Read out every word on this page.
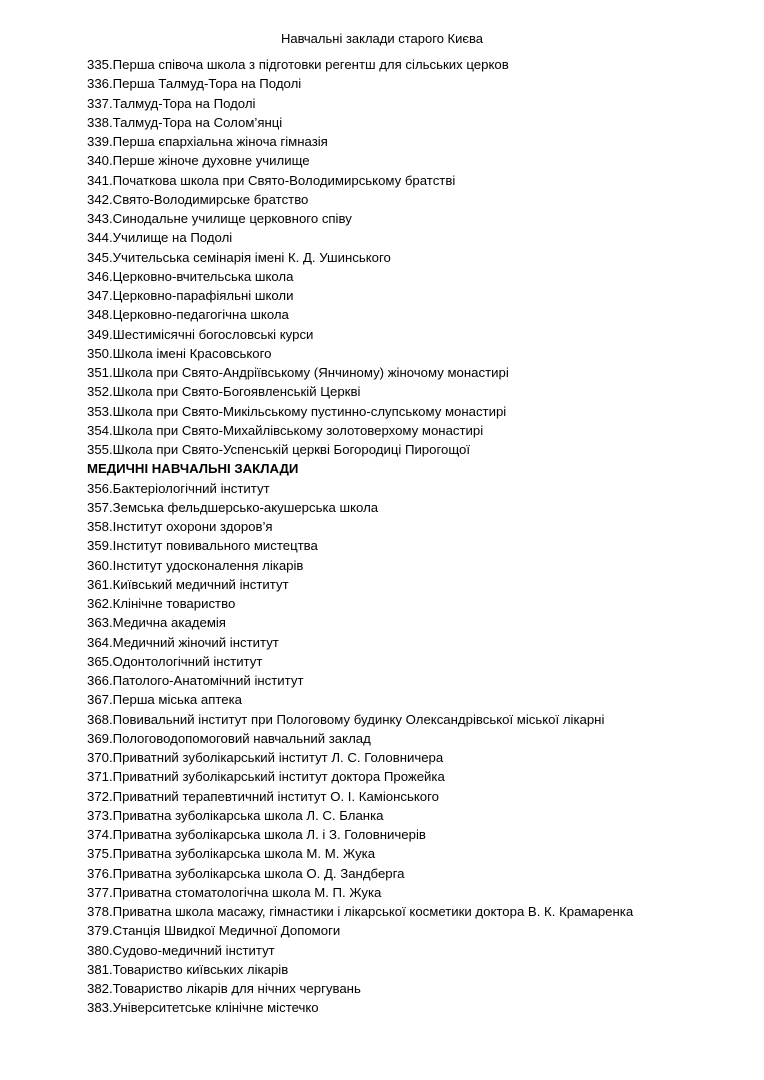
Навчальні заклади старого Києва
335.Перша співоча школа з підготовки регентш для сільських церков
336.Перша Талмуд-Тора на Подолі
337.Талмуд-Тора на Подолі
338.Талмуд-Тора на Солом’янці
339.Перша єпархіальна жіноча гімназія
340.Перше жіноче духовне училище
341.Початкова школа при Свято-Володимирському братстві
342.Свято-Володимирське братство
343.Синодальне училище церковного співу
344.Училище на Подолі
345.Учительська семінарія імені К. Д. Ушинського
346.Церковно-вчительська школа
347.Церковно-парафіяльні школи
348.Церковно-педагогічна школа
349.Шестимісячні богословські курси
350.Школа імені Красовського
351.Школа при Свято-Андріївському (Янчиному) жіночому монастирі
352.Школа при Свято-Богоявленській Церкві
353.Школа при Свято-Микільському пустинно-слупському монастирі
354.Школа при Свято-Михайлівському золотоверхому монастирі
355.Школа при Свято-Успенській церкві Богородиці Пирогощої
МЕДИЧНІ НАВЧАЛЬНІ ЗАКЛАДИ
356.Бактеріологічний інститут
357.Земська фельдшерсько-акушерська школа
358.Інститут охорони здоров’я
359.Інститут повивального мистецтва
360.Інститут удосконалення лікарів
361.Київський медичний інститут
362.Клінічне товариство
363.Медична академія
364.Медичний жіночий інститут
365.Одонтологічний інститут
366.Патолого-Анатомічний інститут
367.Перша міська аптека
368.Повивальний інститут при Пологовому будинку Олександрівської міської лікарні
369.Пологоводопомоговий навчальний заклад
370.Приватний зуболікарський інститут Л. С. Головничера
371.Приватний зуболікарський інститут доктора Прожейка
372.Приватний терапевтичний інститут О. І. Каміонського
373.Приватна зуболікарська школа Л. С. Бланка
374.Приватна зуболікарська школа Л. і З. Головничерів
375.Приватна зуболікарська школа М. М. Жука
376.Приватна зуболікарська школа О. Д. Зандберга
377.Приватна стоматологічна школа М. П. Жука
378.Приватна школа масажу, гімнастики і лікарської косметики доктора В. К. Крамаренка
379.Станція Швидкої Медичної Допомоги
380.Судово-медичний інститут
381.Товариство київських лікарів
382.Товариство лікарів для нічних чергувань
383.Університетське клінічне містечко
